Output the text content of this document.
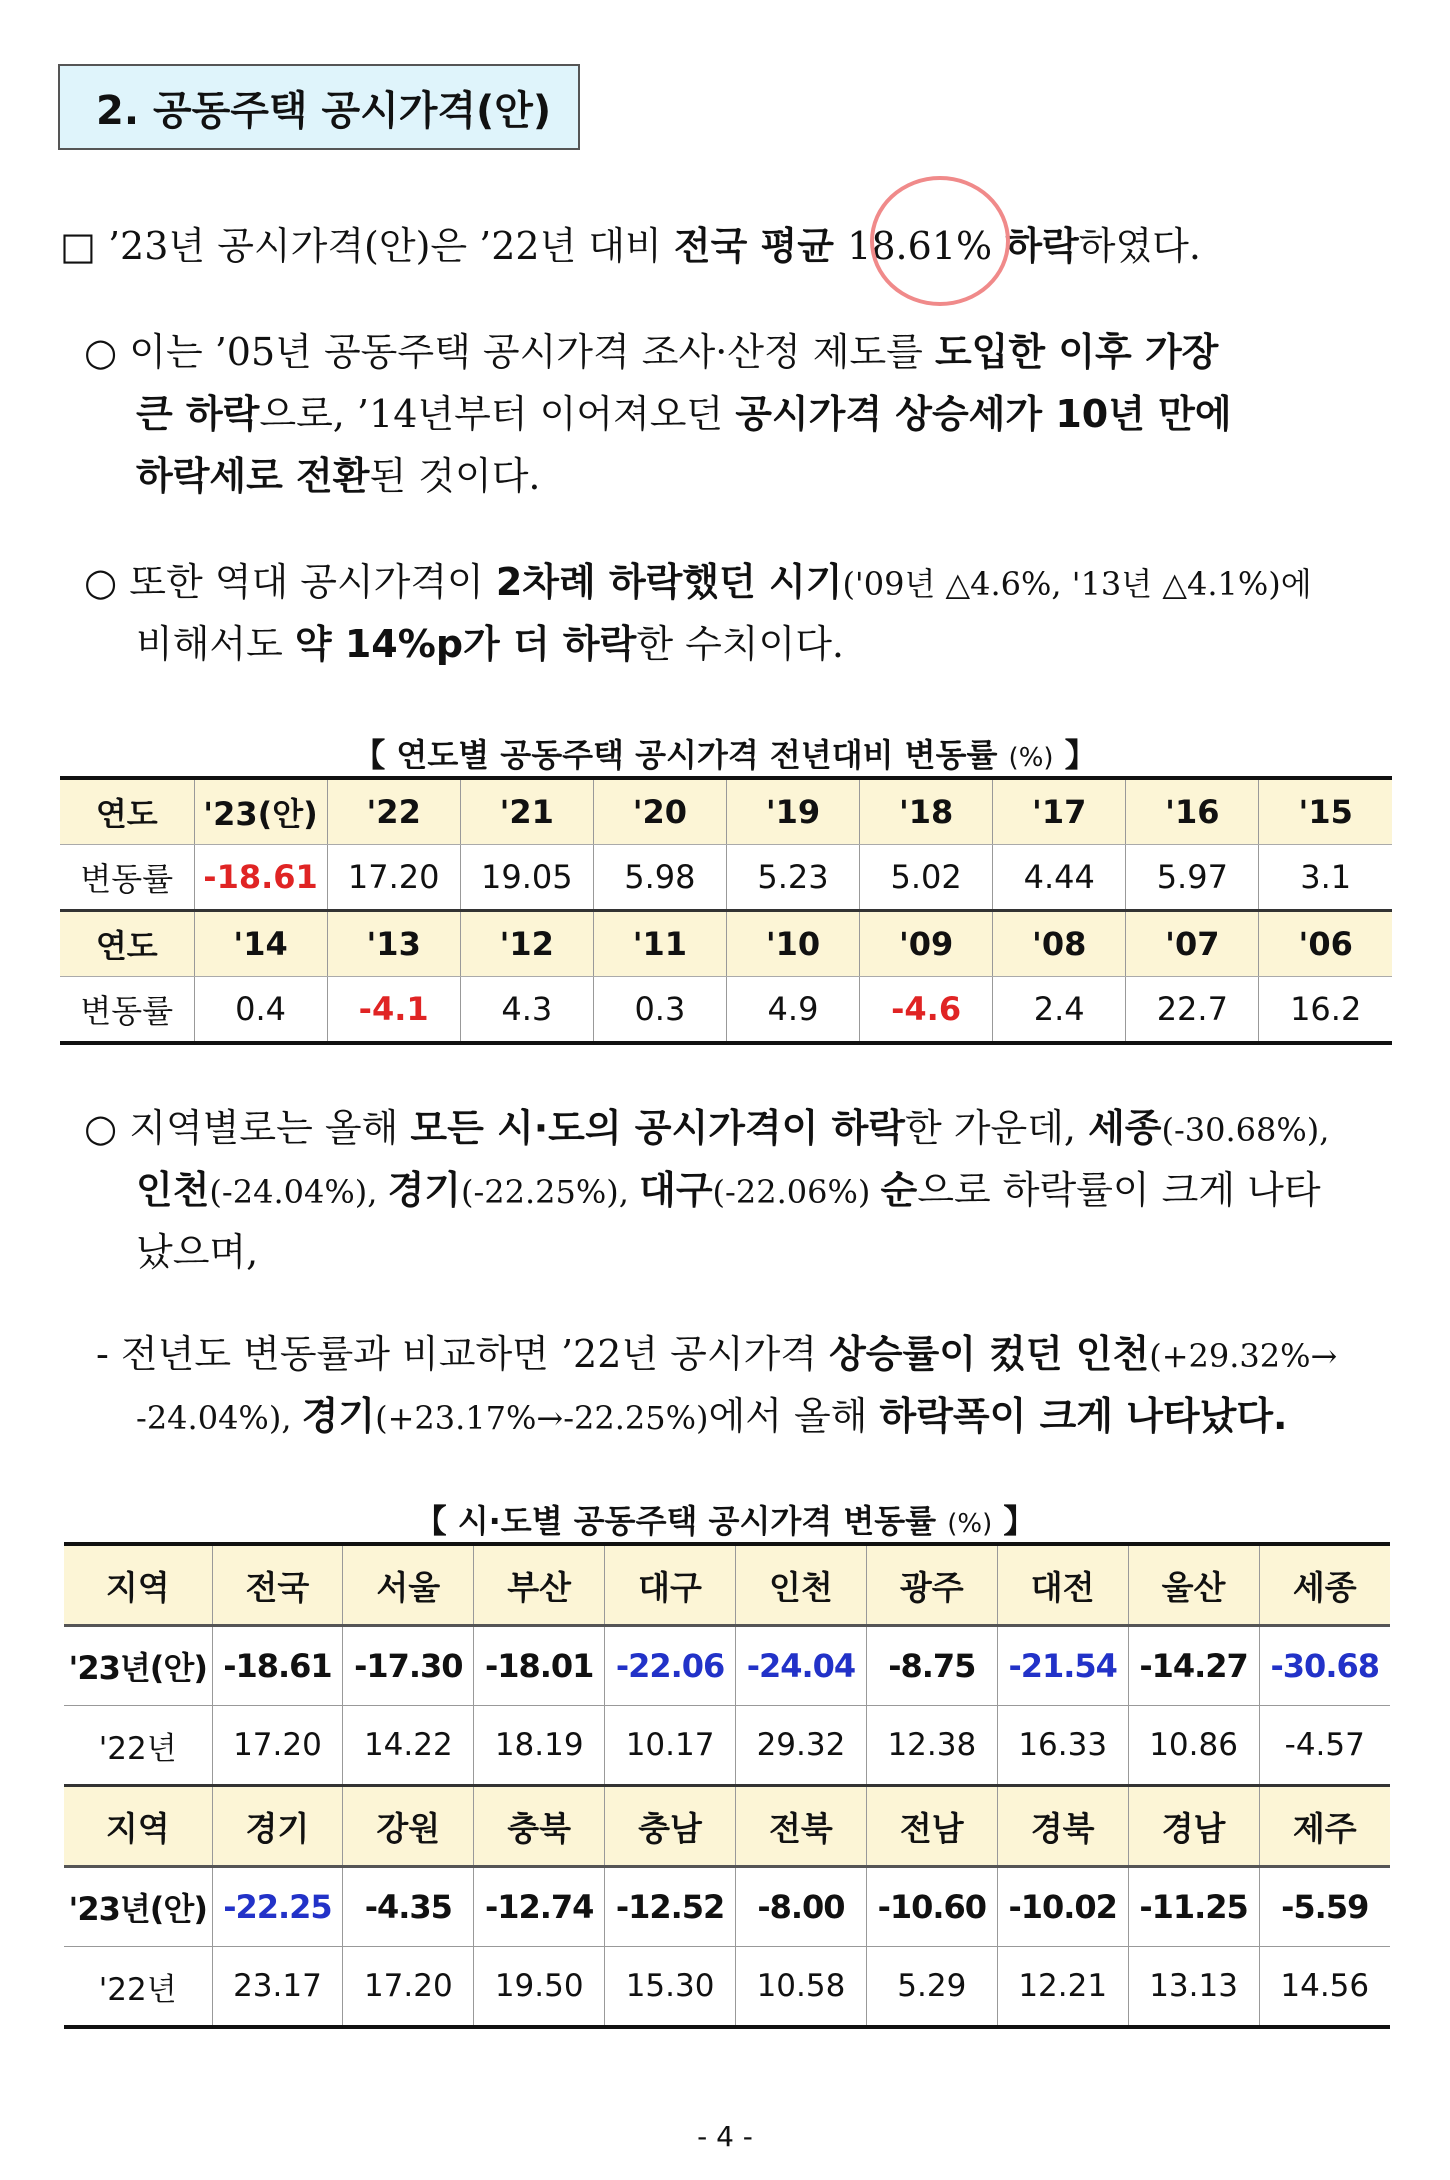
2. 공동주택 공시가격(안)
□ ’23년 공시가격(안)은 ’22년 대비 전국 평균 18.61% 하락하였다.
○ 이는 ’05년 공동주택 공시가격 조사·산정 제도를 도입한 이후 가장
큰 하락으로, ’14년부터 이어져오던 공시가격 상승세가 10년 만에
하락세로 전환된 것이다.
○ 또한 역대 공시가격이 2차례 하락했던 시기('09년 △4.6%, '13년 △4.1%)에
비해서도 약 14%p가 더 하락한 수치이다.
【 연도별 공동주택 공시가격 전년대비 변동률 (%) 】
연도	'23(안)	'22	'21	'20	'19	'18	'17	'16	'15
변동률	-18.61	17.20	19.05	5.98	5.23	5.02	4.44	5.97	3.1
연도	'14	'13	'12	'11	'10	'09	'08	'07	'06
변동률	0.4	-4.1	4.3	0.3	4.9	-4.6	2.4	22.7	16.2
○ 지역별로는 올해 모든 시·도의 공시가격이 하락한 가운데, 세종(-30.68%),
인천(-24.04%), 경기(-22.25%), 대구(-22.06%) 순으로 하락률이 크게 나타
났으며,
- 전년도 변동률과 비교하면 ’22년 공시가격 상승률이 컸던 인천(+29.32%→
-24.04%), 경기(+23.17%→-22.25%)에서 올해 하락폭이 크게 나타났다.
【 시·도별 공동주택 공시가격 변동률 (%) 】
지역	전국	서울	부산	대구	인천	광주	대전	울산	세종
'23년(안)	-18.61	-17.30	-18.01	-22.06	-24.04	-8.75	-21.54	-14.27	-30.68
'22년	17.20	14.22	18.19	10.17	29.32	12.38	16.33	10.86	-4.57
지역	경기	강원	충북	충남	전북	전남	경북	경남	제주
'23년(안)	-22.25	-4.35	-12.74	-12.52	-8.00	-10.60	-10.02	-11.25	-5.59
'22년	23.17	17.20	19.50	15.30	10.58	5.29	12.21	13.13	14.56
- 4 -
